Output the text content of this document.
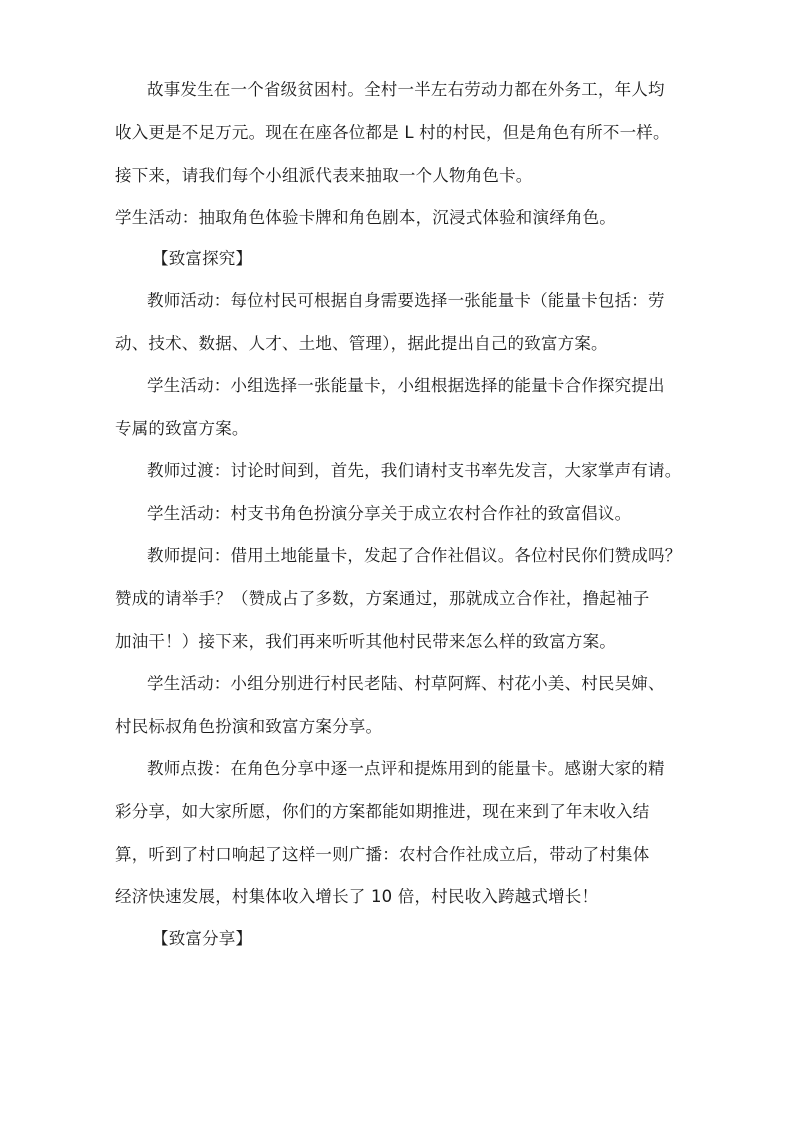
故事发生在一个省级贫困村。全村一半左右劳动力都在外务工，年人均
收入更是不足万元。现在在座各位都是 L 村的村民，但是角色有所不一样。
接下来，请我们每个小组派代表来抽取一个人物角色卡。
学生活动：抽取角色体验卡牌和角色剧本，沉浸式体验和演绎角色。
【致富探究】
教师活动：每位村民可根据自身需要选择一张能量卡（能量卡包括：劳
动、技术、数据、人才、土地、管理），据此提出自己的致富方案。
学生活动：小组选择一张能量卡，小组根据选择的能量卡合作探究提出
专属的致富方案。
教师过渡：讨论时间到，首先，我们请村支书率先发言，大家掌声有请。
学生活动：村支书角色扮演分享关于成立农村合作社的致富倡议。
教师提问：借用土地能量卡，发起了合作社倡议。各位村民你们赞成吗？
赞成的请举手？（赞成占了多数，方案通过，那就成立合作社，撸起袖子
加油干！）接下来，我们再来听听其他村民带来怎么样的致富方案。
学生活动：小组分别进行村民老陆、村草阿辉、村花小美、村民吴婶、
村民标叔角色扮演和致富方案分享。
教师点拨：在角色分享中逐一点评和提炼用到的能量卡。感谢大家的精
彩分享，如大家所愿，你们的方案都能如期推进，现在来到了年末收入结
算，听到了村口响起了这样一则广播：农村合作社成立后，带动了村集体
经济快速发展，村集体收入增长了 10 倍，村民收入跨越式增长！
【致富分享】
